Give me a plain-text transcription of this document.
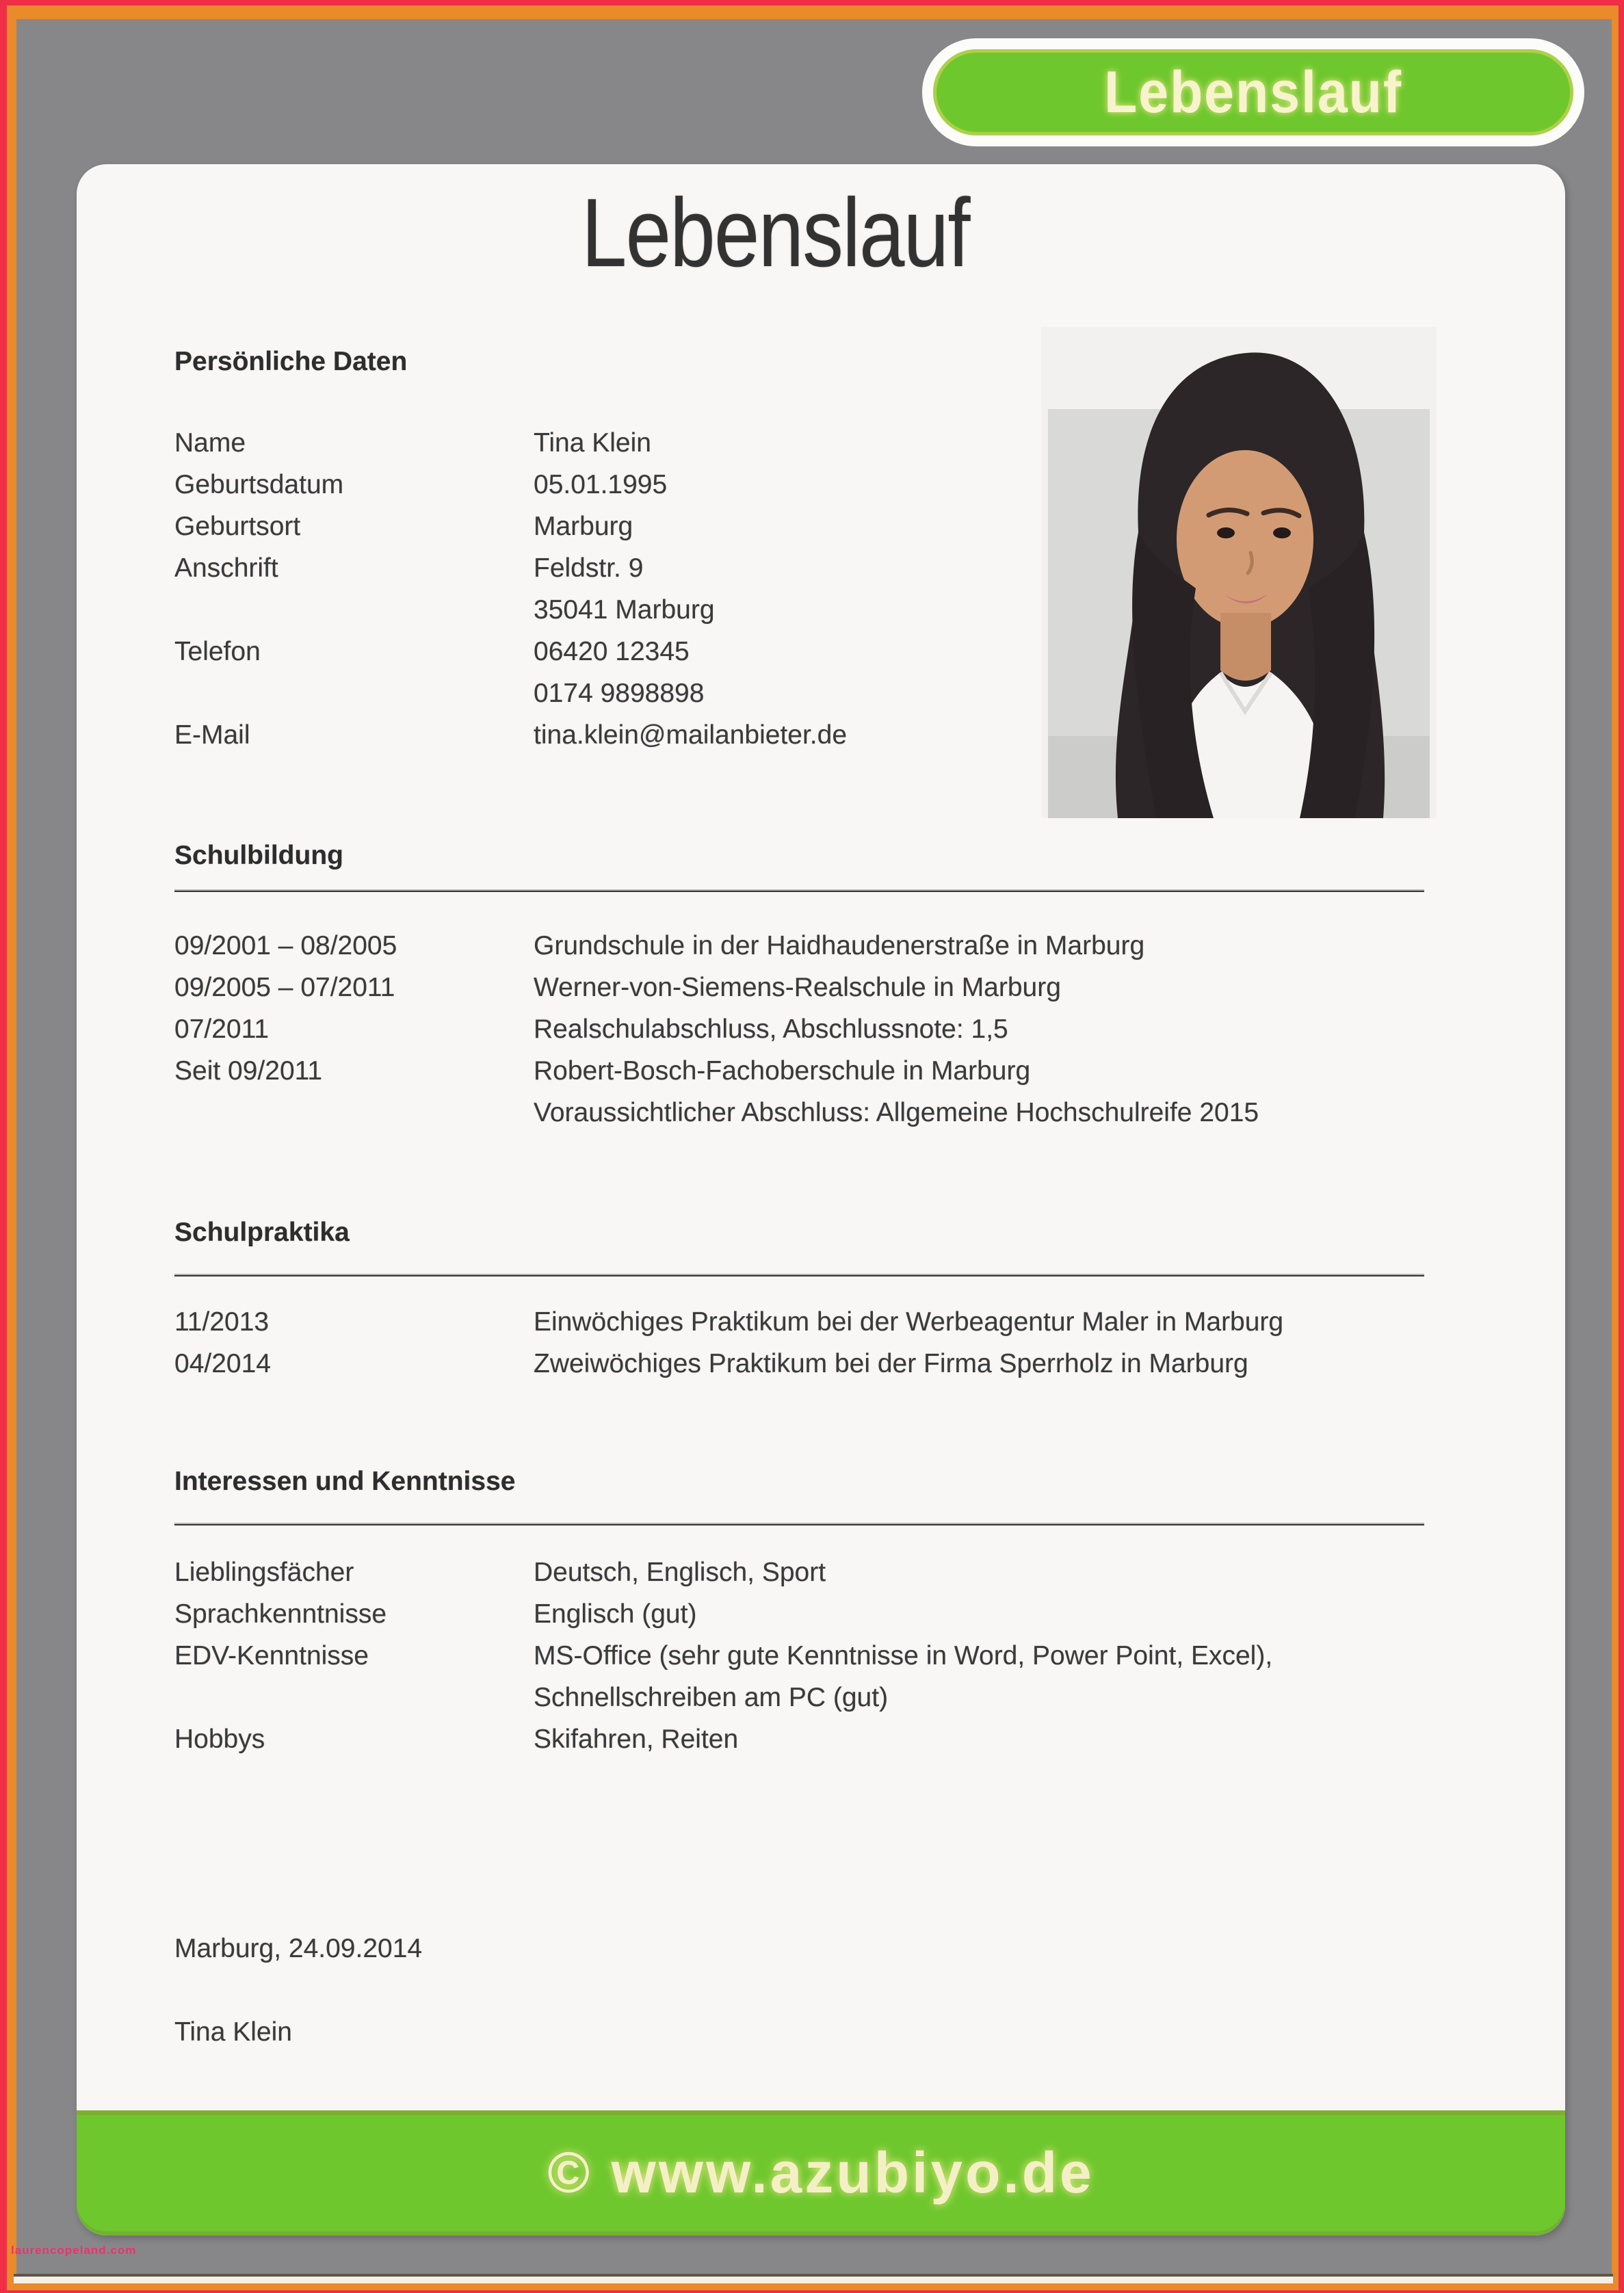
Lebenslauf
Lebenslauf
Persönliche Daten
Name	Tina Klein
Geburtsdatum	05.01.1995
Geburtsort	Marburg
Anschrift	Feldstr. 9
35041 Marburg
Telefon	06420 12345
0174 9898898
E-Mail	tina.klein@mailanbieter.de
Schulbildung
09/2001 – 08/2005	Grundschule in der Haidhaudenerstraße in Marburg
09/2005 – 07/2011	Werner-von-Siemens-Realschule in Marburg
07/2011	Realschulabschluss, Abschlussnote: 1,5
Seit 09/2011	Robert-Bosch-Fachoberschule in Marburg
Voraussichtlicher Abschluss: Allgemeine Hochschulreife 2015
Schulpraktika
11/2013	Einwöchiges Praktikum bei der Werbeagentur Maler in Marburg
04/2014	Zweiwöchiges Praktikum bei der Firma Sperrholz in Marburg
Interessen und Kenntnisse
Lieblingsfächer	Deutsch, Englisch, Sport
Sprachkenntnisse	Englisch (gut)
EDV-Kenntnisse	MS-Office (sehr gute Kenntnisse in Word, Power Point, Excel),
Schnellschreiben am PC (gut)
Hobbys	Skifahren, Reiten
Marburg, 24.09.2014
Tina Klein
© www.azubiyo.de
laurencopeland.com
